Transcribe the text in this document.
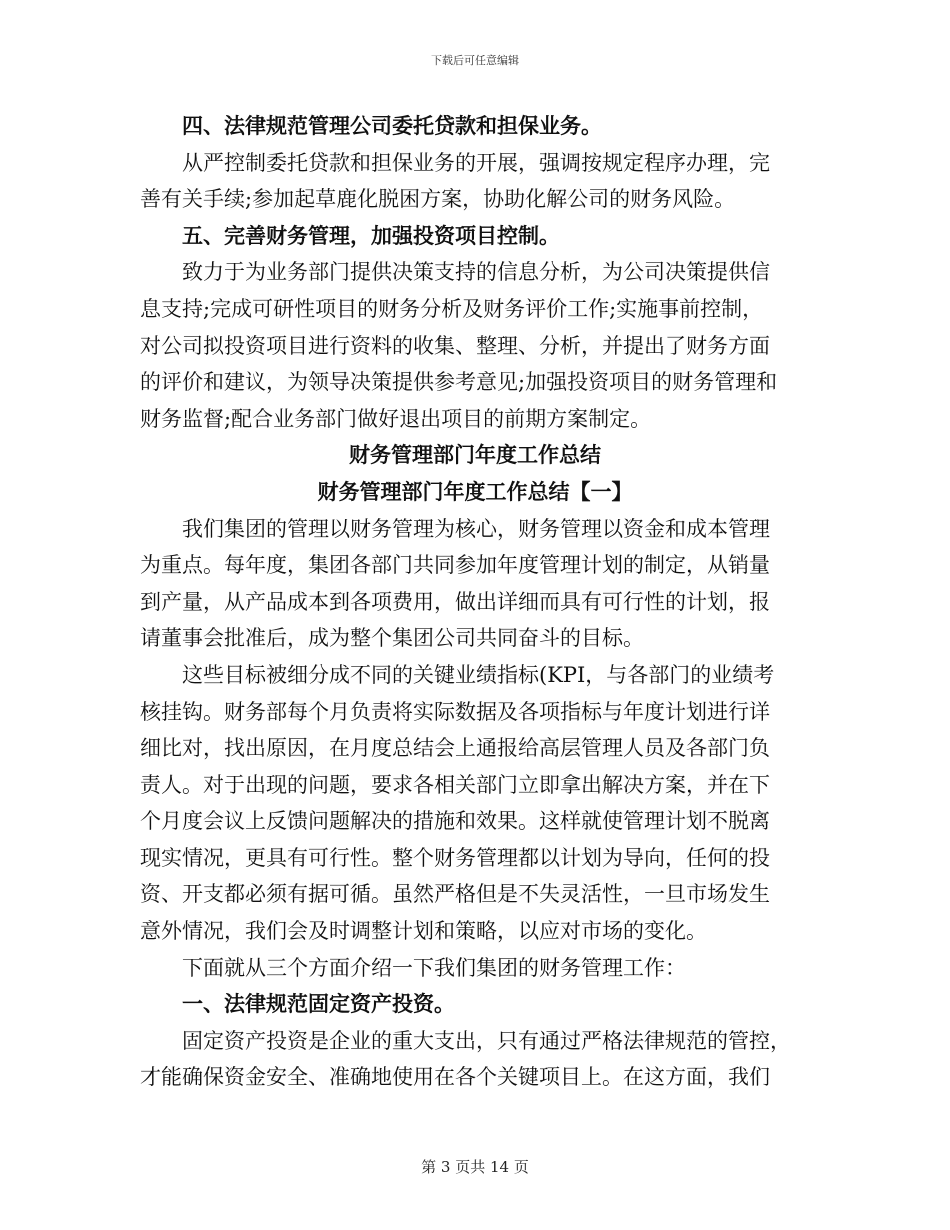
下载后可任意编辑
四、法律规范管理公司委托贷款和担保业务。
从严控制委托贷款和担保业务的开展，强调按规定程序办理，完
善有关手续;参加起草鹿化脱困方案，协助化解公司的财务风险。
五、完善财务管理，加强投资项目控制。
致力于为业务部门提供决策支持的信息分析，为公司决策提供信
息支持;完成可研性项目的财务分析及财务评价工作;实施事前控制，
对公司拟投资项目进行资料的收集、整理、分析，并提出了财务方面
的评价和建议，为领导决策提供参考意见;加强投资项目的财务管理和
财务监督;配合业务部门做好退出项目的前期方案制定。
财务管理部门年度工作总结
财务管理部门年度工作总结【一】
我们集团的管理以财务管理为核心，财务管理以资金和成本管理
为重点。每年度，集团各部门共同参加年度管理计划的制定，从销量
到产量，从产品成本到各项费用，做出详细而具有可行性的计划，报
请董事会批准后，成为整个集团公司共同奋斗的目标。
这些目标被细分成不同的关键业绩指标(KPI，与各部门的业绩考
核挂钩。财务部每个月负责将实际数据及各项指标与年度计划进行详
细比对，找出原因，在月度总结会上通报给高层管理人员及各部门负
责人。对于出现的问题，要求各相关部门立即拿出解决方案，并在下
个月度会议上反馈问题解决的措施和效果。这样就使管理计划不脱离
现实情况，更具有可行性。整个财务管理都以计划为导向，任何的投
资、开支都必须有据可循。虽然严格但是不失灵活性，一旦市场发生
意外情况，我们会及时调整计划和策略，以应对市场的变化。
下面就从三个方面介绍一下我们集团的财务管理工作：
一、法律规范固定资产投资。
固定资产投资是企业的重大支出，只有通过严格法律规范的管控，
才能确保资金安全、准确地使用在各个关键项目上。在这方面，我们
第 3 页共 14 页
